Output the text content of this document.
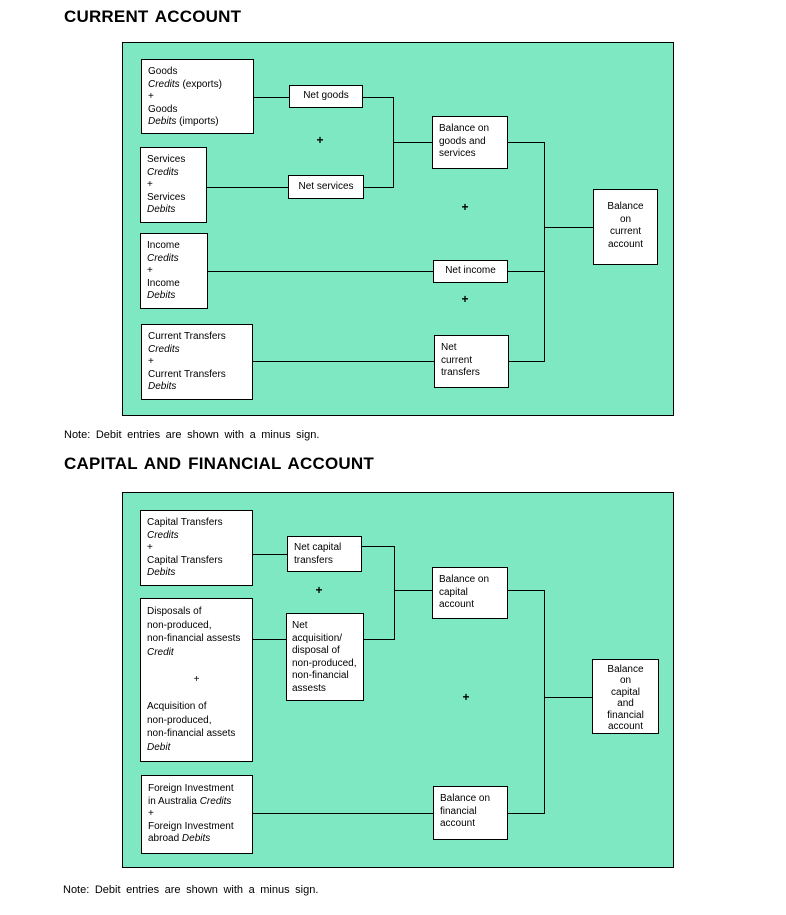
CURRENT ACCOUNT
+
+
+
Goods
Credits (exports)
+
Goods
Debits (imports)
Net goods
Services
Credits
+
Services
Debits
Net services
Income
Credits
+
Income
Debits
Net income
Current Transfers
Credits
+
Current Transfers
Debits
Net
current
transfers
Balance on
goods and
services
Balance
on
current
account
Note: Debit entries are shown with a minus sign.
CAPITAL AND FINANCIAL ACCOUNT
+
+
Capital Transfers
Credits
+
Capital Transfers
Debits
Net capital
transfers
Disposals of
non-produced,
non-financial assests
Credit

+

Acquisition of
non-produced,
non-financial assets
Debit
Net
acquisition/
disposal of
non-produced,
non-financial
assests
Balance on
capital
account
Foreign Investment
in Australia Credits
+
Foreign Investment
abroad Debits
Balance on
financial
account
Balance
on
capital
and
financial
account
Note: Debit entries are shown with a minus sign.
